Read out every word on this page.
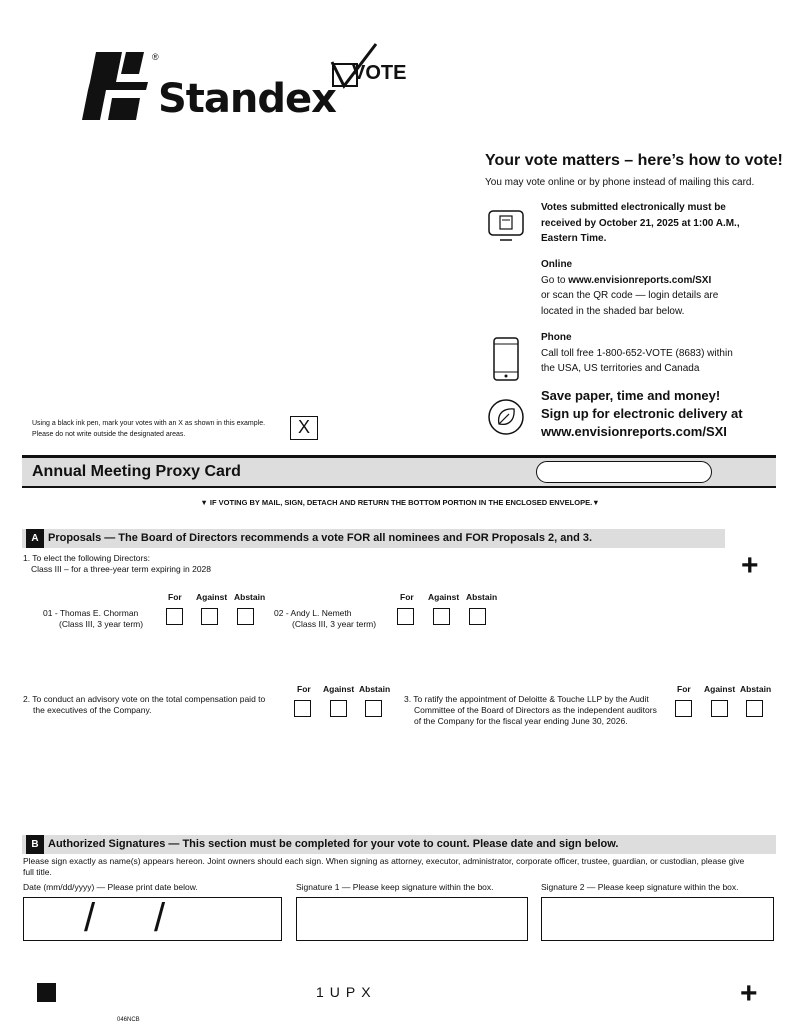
®
Standex
VOTE
Your vote matters – here’s how to vote!
You may vote online or by phone instead of mailing this card.
Votes submitted electronically must be
received by October 21, 2025 at 1:00 A.M.,
Eastern Time.
Online
Go to www.envisionreports.com/SXI
or scan the QR code — login details are
located in the shaded bar below.
Phone
Call toll free 1-800-652-VOTE (8683) within
the USA, US territories and Canada
Save paper, time and money!
Sign up for electronic delivery at
www.envisionreports.com/SXI
Using a black ink pen, mark your votes with an X as shown in this example.
Please do not write outside the designated areas.	X
Annual Meeting Proxy Card
▼ IF VOTING BY MAIL, SIGN, DETACH AND RETURN THE BOTTOM PORTION IN THE ENCLOSED ENVELOPE.▼
A Proposals — The Board of Directors recommends a vote FOR all nominees and FOR Proposals 2, and 3.
+
1. To elect the following Directors:
Class III – for a three-year term expiring in 2028
For Against Abstain	For Against Abstain
01 - Thomas E. Chorman
(Class III, 3 year term)
02 - Andy L. Nemeth
(Class III, 3 year term)
2. To conduct an advisory vote on the total compensation paid to
the executives of the Company.
For Against Abstain
3. To ratify the appointment of Deloitte & Touche LLP by the Audit
Committee of the Board of Directors as the independent auditors
of the Company for the fiscal year ending June 30, 2026.
For Against Abstain
B Authorized Signatures — This section must be completed for your vote to count. Please date and sign below.
Please sign exactly as name(s) appears hereon. Joint owners should each sign. When signing as attorney, executor, administrator, corporate officer, trustee, guardian, or custodian, please give
full title.
Date (mm/dd/yyyy) — Please print date below.	Signature 1 — Please keep signature within the box.	Signature 2 — Please keep signature within the box.
/ /
1UPX	+
046NCB
